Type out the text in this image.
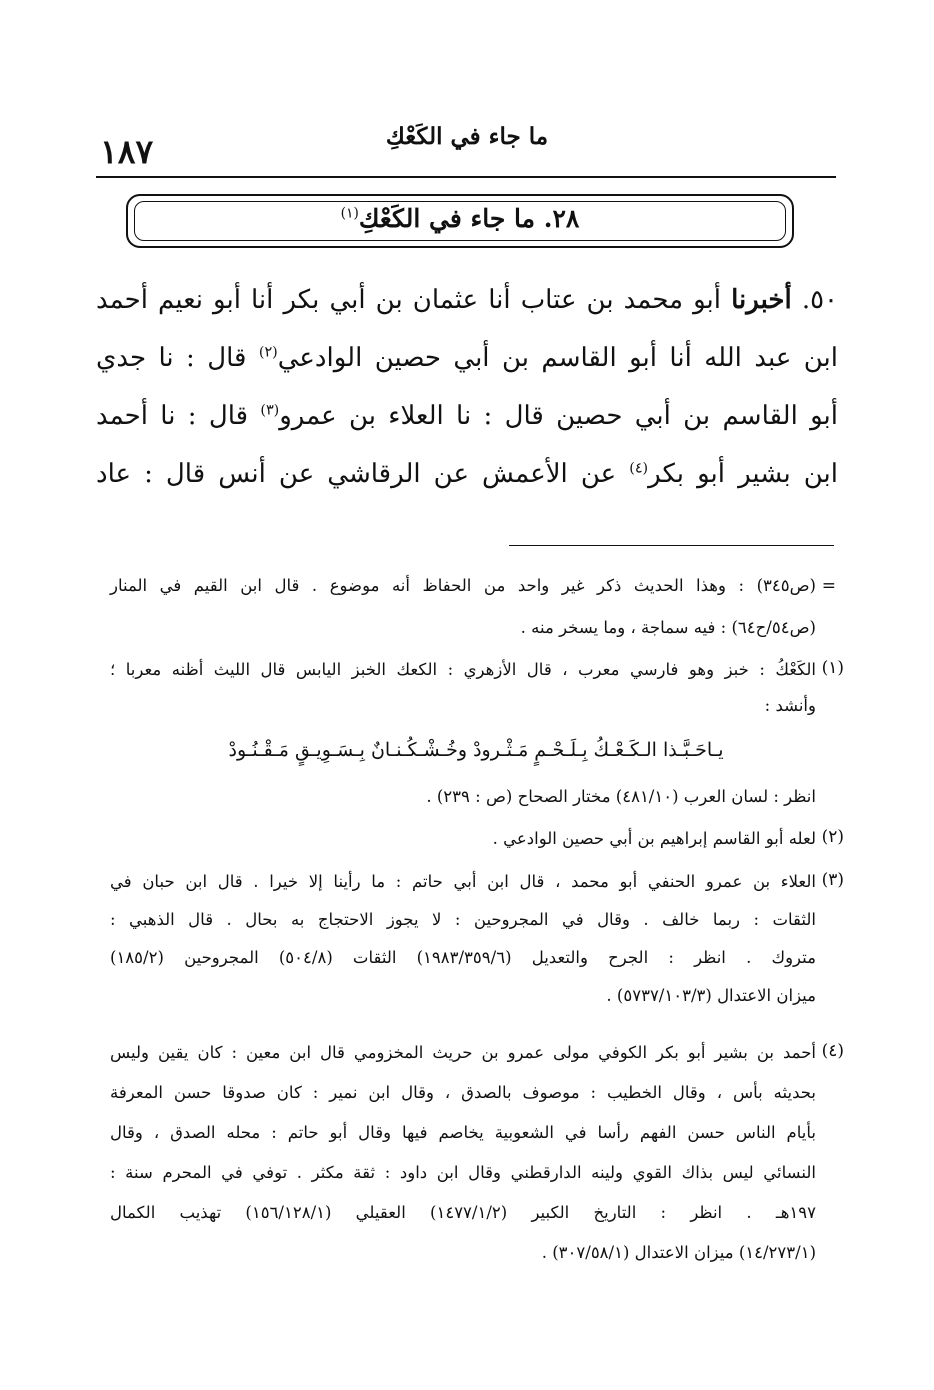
ما جاء في الكَعْكِ
١٨٧
٢٨. ما جاء في الكَعْكِ$^{(١)}$
٥٠. أخبرنا أبو محمد بن عتاب أنا عثمان بن أبي بكر أنا أبو نعيم أحمد
ابن عبد الله أنا أبو القاسم بن أبي حصين الوادعي$^{(٢)}$ قال : نا جدي
أبو القاسم بن أبي حصين قال : نا العلاء بن عمرو$^{(٣)}$ قال : نا أحمد
ابن بشير أبو بكر$^{(٤)}$ عن الأعمش عن الرقاشي عن أنس قال : عاد
=
(ص٣٤٥) : وهذا الحديث ذكر غير واحد من الحفاظ أنه موضوع . قال ابن القيم في المنار
(ص٥٤/ح٦٤) : فيه سماجة ، وما يسخر منه .
(١)
الكَعْكُ : خبز وهو فارسي معرب ، قال الأزهري : الكعك الخبز اليابس قال الليث أظنه معربا ؛
وأنشد :
يـاحَـبَّـذا الـكَـعْـكُ بِـلَـحْـمٍ مَـثْـرودْ وخُـشْـكُـنـانٌ بِـسَـوِيـقٍ مَـقْـنُـودْ
انظر : لسان العرب (٤٨١/١٠) مختار الصحاح (ص : ٢٣٩) .
(٢)
لعله أبو القاسم إبراهيم بن أبي حصين الوادعي .
(٣)
العلاء بن عمرو الحنفي أبو محمد ، قال ابن أبي حاتم : ما رأينا إلا خيرا . قال ابن حبان في
الثقات : ربما خالف . وقال في المجروحين : لا يجوز الاحتجاج به بحال . قال الذهبي :
متروك . انظر : الجرح والتعديل (١٩٨٣/٣٥٩/٦) الثقات (٥٠٤/٨) المجروحين (١٨٥/٢)
ميزان الاعتدال (٥٧٣٧/١٠٣/٣) .
(٤)
أحمد بن بشير أبو بكر الكوفي مولى عمرو بن حريث المخزومي قال ابن معين : كان يقين وليس
بحديثه بأس ، وقال الخطيب : موصوف بالصدق ، وقال ابن نمير : كان صدوقا حسن المعرفة
بأيام الناس حسن الفهم رأسا في الشعوبية يخاصم فيها وقال أبو حاتم : محله الصدق ، وقال
النسائي ليس بذاك القوي ولينه الدارقطني وقال ابن داود : ثقة مكثر . توفي في المحرم سنة :
١٩٧هـ . انظر : التاريخ الكبير (١٤٧٧/١/٢) العقيلي (١٥٦/١٢٨/١) تهذيب الكمال
(١٤/٢٧٣/١) ميزان الاعتدال (٣٠٧/٥٨/١) .
